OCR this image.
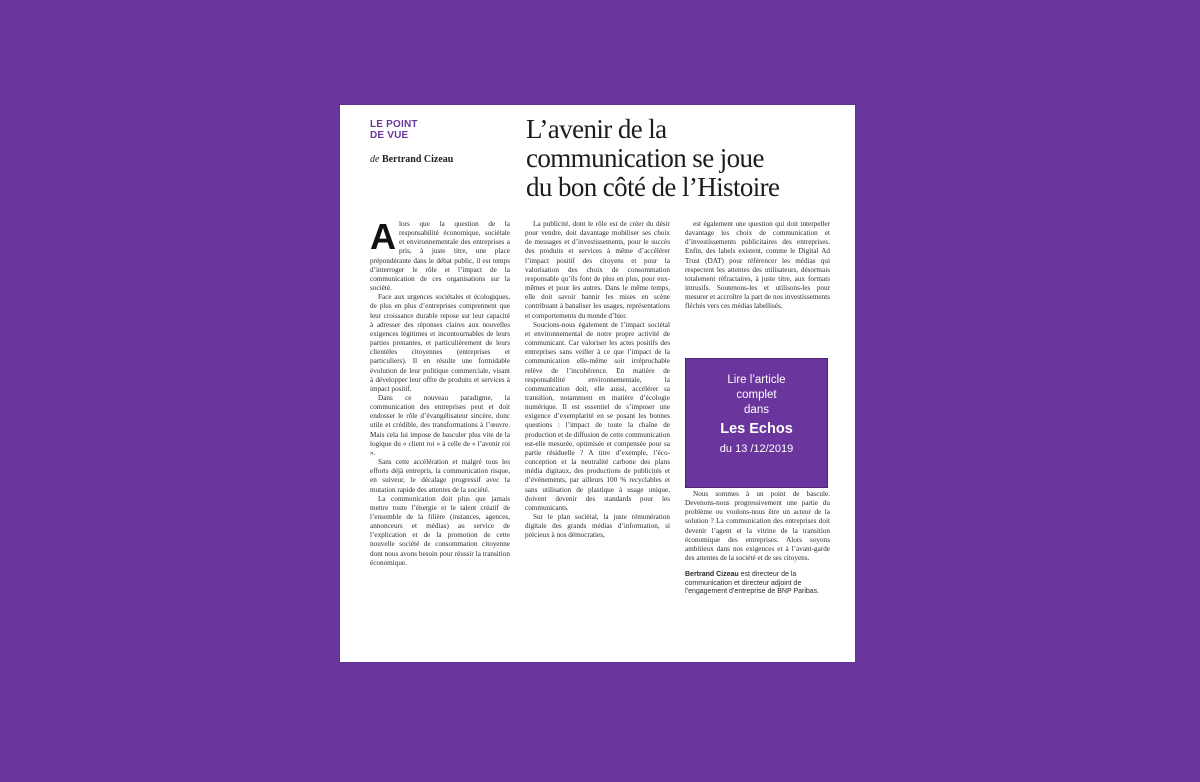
LE POINT
DE VUE
de Bertrand Cizeau
L’avenir de la
communication se joue
du bon côté de l’Histoire

Alors que la question de la responsabilité économique, sociétale et environnementale des entreprises a pris, à juste titre, une place prépondérante dans le débat public, il est temps d’interroger le rôle et l’impact de la communication de ces organisations sur la société.

Face aux urgences sociétales et écologiques, de plus en plus d’entreprises comprennent que leur croissance durable repose sur leur capacité à adresser des réponses claires aux nouvelles exigences légitimes et incontournables de leurs parties prenantes, et particulièrement de leurs clientèles citoyennes (entreprises et particuliers). Il en résulte une formidable évolution de leur politique commerciale, visant à développer leur offre de produits et services à impact positif.

Dans ce nouveau paradigme, la communication des entreprises peut et doit endosser le rôle d’évangélisateur sincère, donc utile et crédible, des transformations à l’œuvre. Mais cela lui impose de basculer plus vite de la logique du « client roi » à celle de « l’avenir roi ».

Sans cette accélération et malgré tous les efforts déjà entrepris, la communication risque, en suiveur, le décalage progressif avec la mutation rapide des attentes de la société.

La communication doit plus que jamais mettre toute l’énergie et le talent créatif de l’ensemble de la filière (instances, agences, annonceurs et médias) au service de l’explication et de la promotion de cette nouvelle société de consommation citoyenne dont nous avons besoin pour réussir la transition économique.

La publicité, dont le rôle est de créer du désir pour vendre, doit davantage mobiliser ses choix de messages et d’investissements, pour le succès des produits et services à même d’accélérer l’impact positif des citoyens et pour la valorisation des choix de consommation responsable qu’ils font de plus en plus, pour eux-mêmes et pour les autres. Dans le même temps, elle doit savoir bannir les mises en scène contribuant à banaliser les usages, représentations et comportements du monde d’hier.

Soucions-nous également de l’impact sociétal et environnemental de notre propre activité de communicant. Car valoriser les actes positifs des entreprises sans veiller à ce que l’impact de la communication elle-même soit irréprochable relève de l’incohérence. En matière de responsabilité environnementale, la communication doit, elle aussi, accélérer sa transition, notamment en matière d’écologie numérique. Il est essentiel de s’imposer une exigence d’exemplarité en se posant les bonnes questions : l’impact de toute la chaîne de production et de diffusion de cette communication est-elle mesurée, optimisée et compensée pour sa partie résiduelle ? A titre d’exemple, l’éco-conception et la neutralité carbone des plans média digitaux, des productions de publicités et d’événements, par ailleurs 100 % recyclables et sans utilisation de plastique à usage unique, doivent devenir des standards pour les communicants.

Sur le plan sociétal, la juste rémunération digitale des grands médias d’information, si précieux à nos démocraties,

est également une question qui doit interpeller davantage les choix de communication et d’investissements publicitaires des entreprises. Enfin, des labels existent, comme le Digital Ad Trust (DAT) pour référencer les médias qui respectent les attentes des utilisateurs, désormais totalement réfractaires, à juste titre, aux formats intrusifs. Soutenons-les et utilisons-les pour mesurer et accroître la part de nos investissements fléchés vers ces médias labellisés.

Lire l’article
complet
dans
Les Echos
du 13 /12/2019

Nous sommes à un point de bascule. Devenons-nous progressivement une partie du problème ou voulons-nous être un acteur de la solution ? La communication des entreprises doit devenir l’agent et la vitrine de la transition économique des entreprises. Alors soyons ambitieux dans nos exigences et à l’avant-garde des attentes de la société et de ses citoyens.

Bertrand Cizeau est directeur de la communication et directeur adjoint de l’engagement d’entreprise de BNP Paribas.
